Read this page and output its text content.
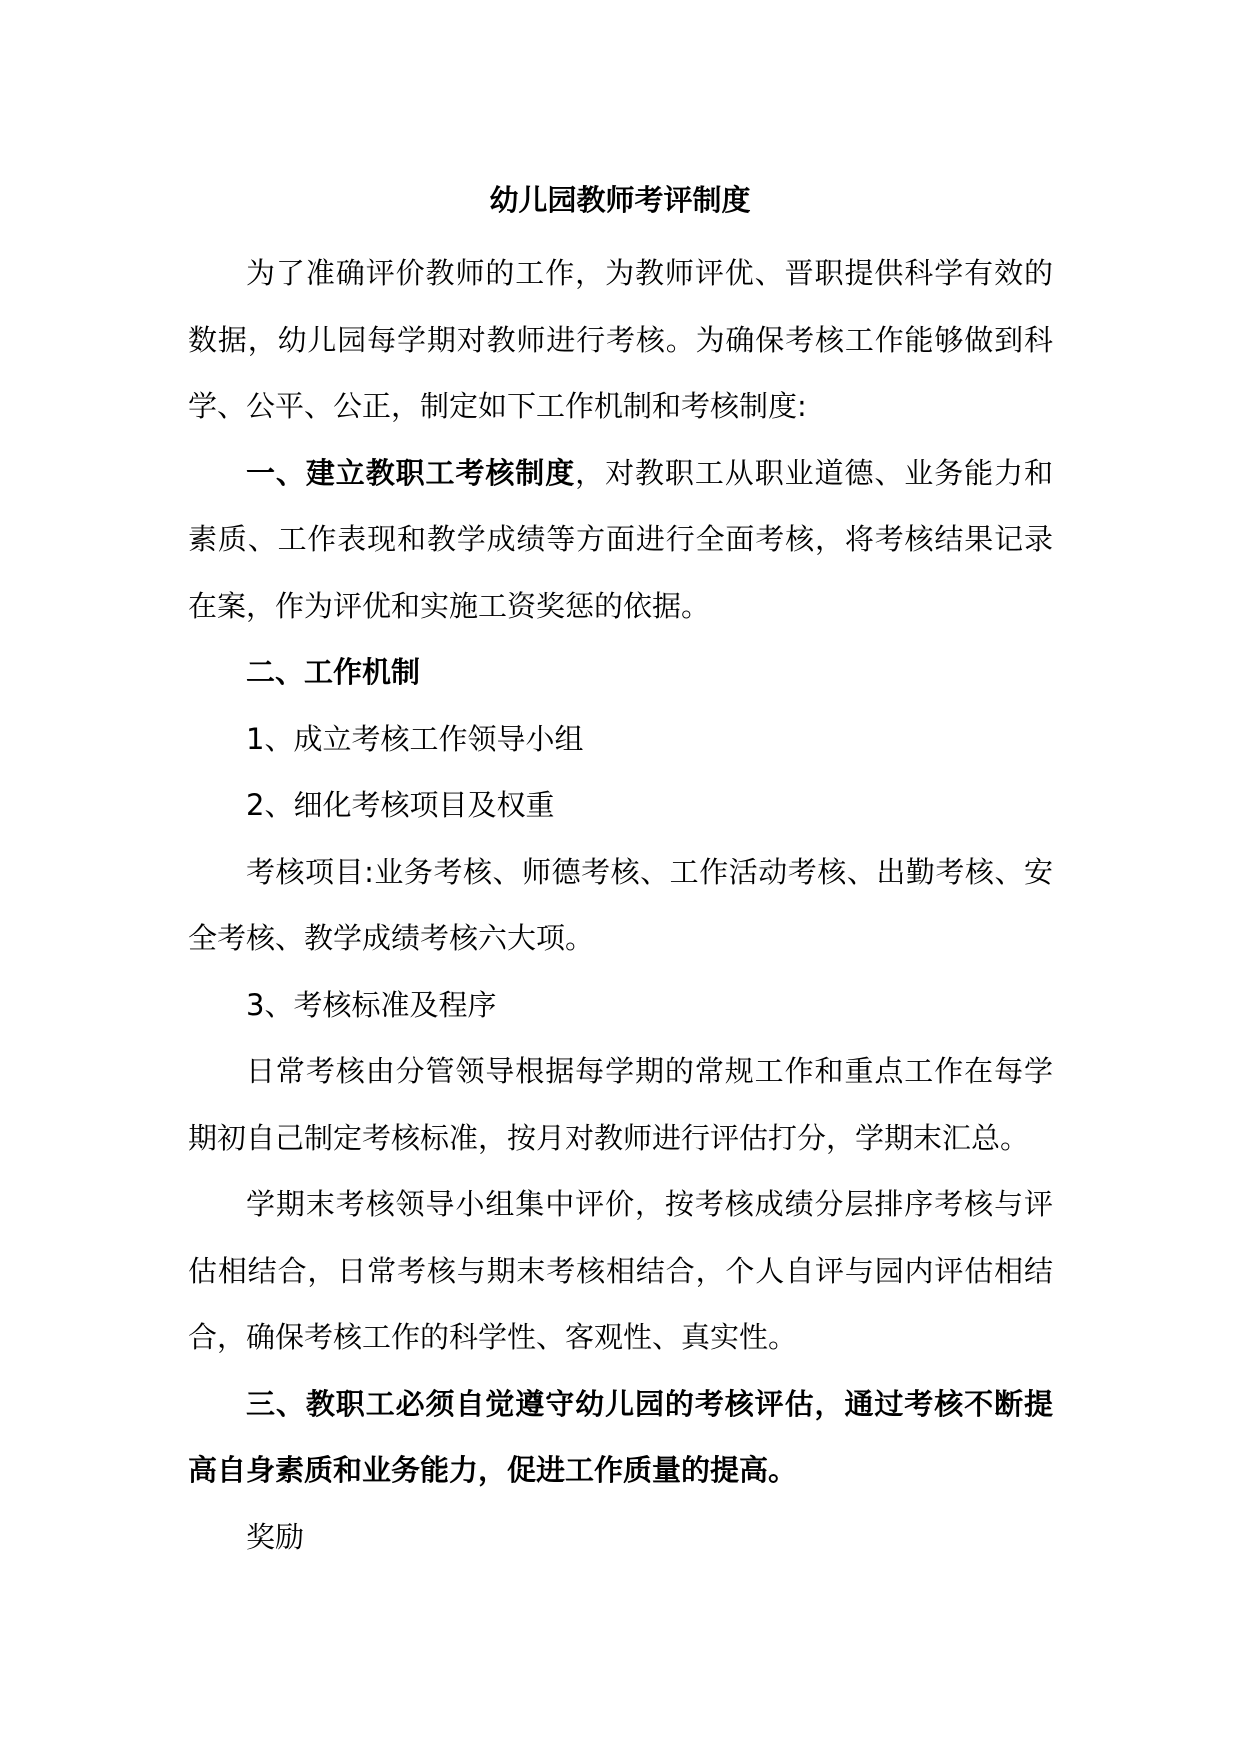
幼儿园教师考评制度

为了准确评价教师的工作，为教师评优、晋职提供科学有效的数据，幼儿园每学期对教师进行考核。为确保考核工作能够做到科学、公平、公正，制定如下工作机制和考核制度:

一、建立教职工考核制度，对教职工从职业道德、业务能力和素质、工作表现和教学成绩等方面进行全面考核，将考核结果记录在案，作为评优和实施工资奖惩的依据。

二、工作机制

1、成立考核工作领导小组

2、细化考核项目及权重

考核项目:业务考核、师德考核、工作活动考核、出勤考核、安全考核、教学成绩考核六大项。

3、考核标准及程序

日常考核由分管领导根据每学期的常规工作和重点工作在每学期初自己制定考核标准，按月对教师进行评估打分，学期末汇总。

学期末考核领导小组集中评价，按考核成绩分层排序考核与评估相结合，日常考核与期末考核相结合，个人自评与园内评估相结合，确保考核工作的科学性、客观性、真实性。

三、教职工必须自觉遵守幼儿园的考核评估，通过考核不断提高自身素质和业务能力，促进工作质量的提高。

奖励
